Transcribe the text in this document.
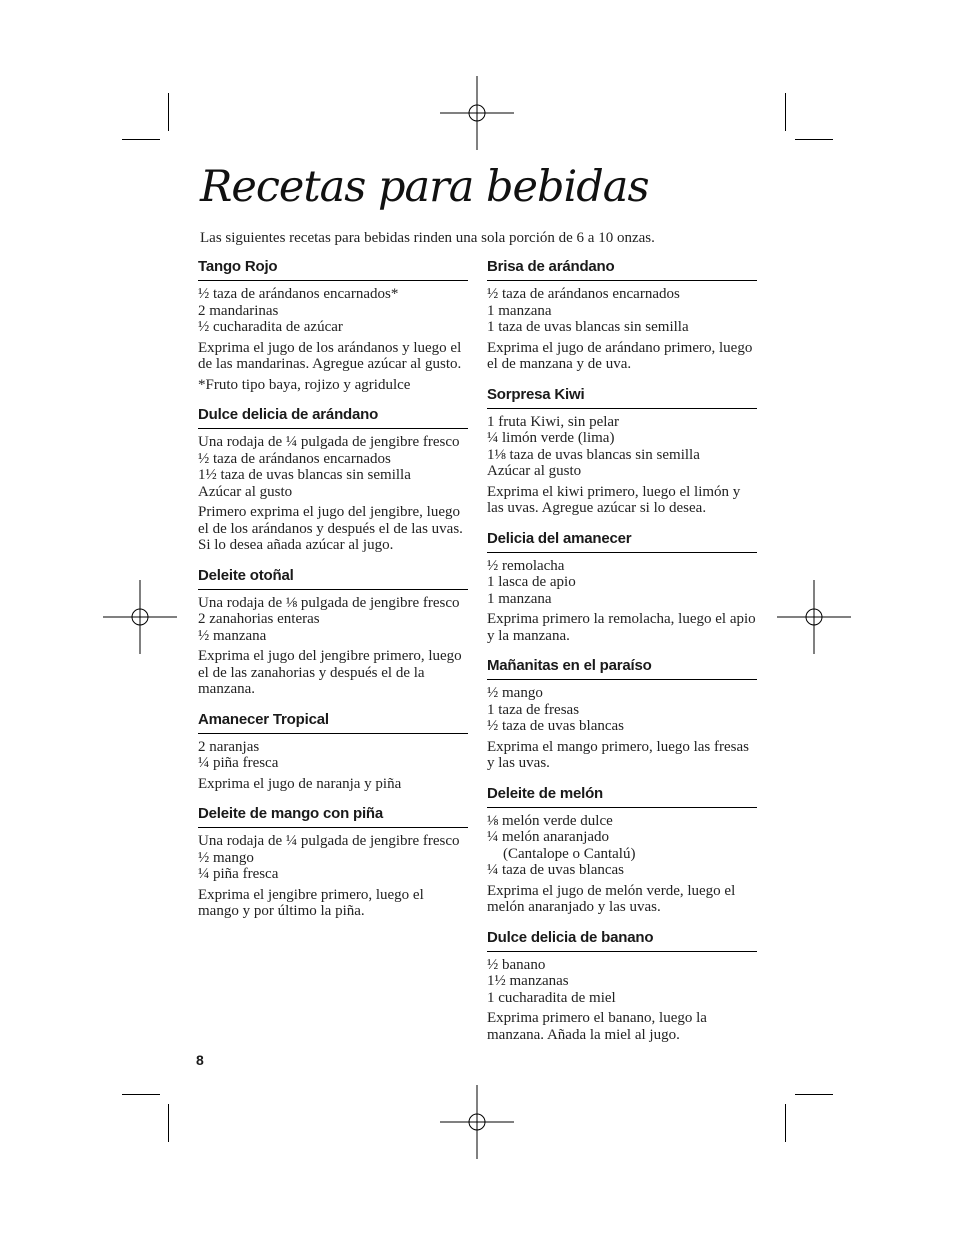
Recetas para bebidas
Las siguientes recetas para bebidas rinden una sola porción de 6 a 10 onzas.
Tango Rojo
½ taza de arándanos encarnados*
2 mandarinas
½ cucharadita de azúcar
Exprima el jugo de los arándanos y luego el de las mandarinas. Agregue azúcar al gusto.
*Fruto tipo baya, rojizo y agridulce
Dulce delicia de arándano
Una rodaja de ¼ pulgada de jengibre fresco
½ taza de arándanos encarnados
1½ taza de uvas blancas sin semilla
Azúcar al gusto
Primero exprima el jugo del jengibre, luego el de los arándanos y después el de las uvas. Si lo desea añada azúcar al jugo.
Deleite otoñal
Una rodaja de ⅛ pulgada de jengibre fresco
2 zanahorias enteras
½ manzana
Exprima el jugo del jengibre primero, luego el de las zanahorias y después el de la manzana.
Amanecer Tropical
2 naranjas
¼ piña fresca
Exprima el jugo de naranja y piña
Deleite de mango con piña
Una rodaja de ¼ pulgada de jengibre fresco
½ mango
¼ piña fresca
Exprima el jengibre primero, luego el mango y por último la piña.
Brisa de arándano
½ taza de arándanos encarnados
1 manzana
1 taza de uvas blancas sin semilla
Exprima el jugo de arándano primero, luego el de manzana y de uva.
Sorpresa Kiwi
1 fruta Kiwi, sin pelar
¼ limón verde (lima)
1⅛ taza de uvas blancas sin semilla
Azúcar al gusto
Exprima el kiwi primero, luego el limón y las uvas. Agregue azúcar si lo desea.
Delicia del amanecer
½ remolacha
1 lasca de apio
1 manzana
Exprima primero la remolacha, luego el apio y la manzana.
Mañanitas en el paraíso
½ mango
1 taza de fresas
½ taza de uvas blancas
Exprima el mango primero, luego las fresas y las uvas.
Deleite de melón
⅛ melón verde dulce
¼ melón anaranjado
(Cantalope o Cantalú)
¼ taza de uvas blancas
Exprima el jugo de melón verde, luego el melón anaranjado y las uvas.
Dulce delicia de banano
½ banano
1½ manzanas
1 cucharadita de miel
Exprima primero el banano, luego la manzana. Añada la miel al jugo.
8
